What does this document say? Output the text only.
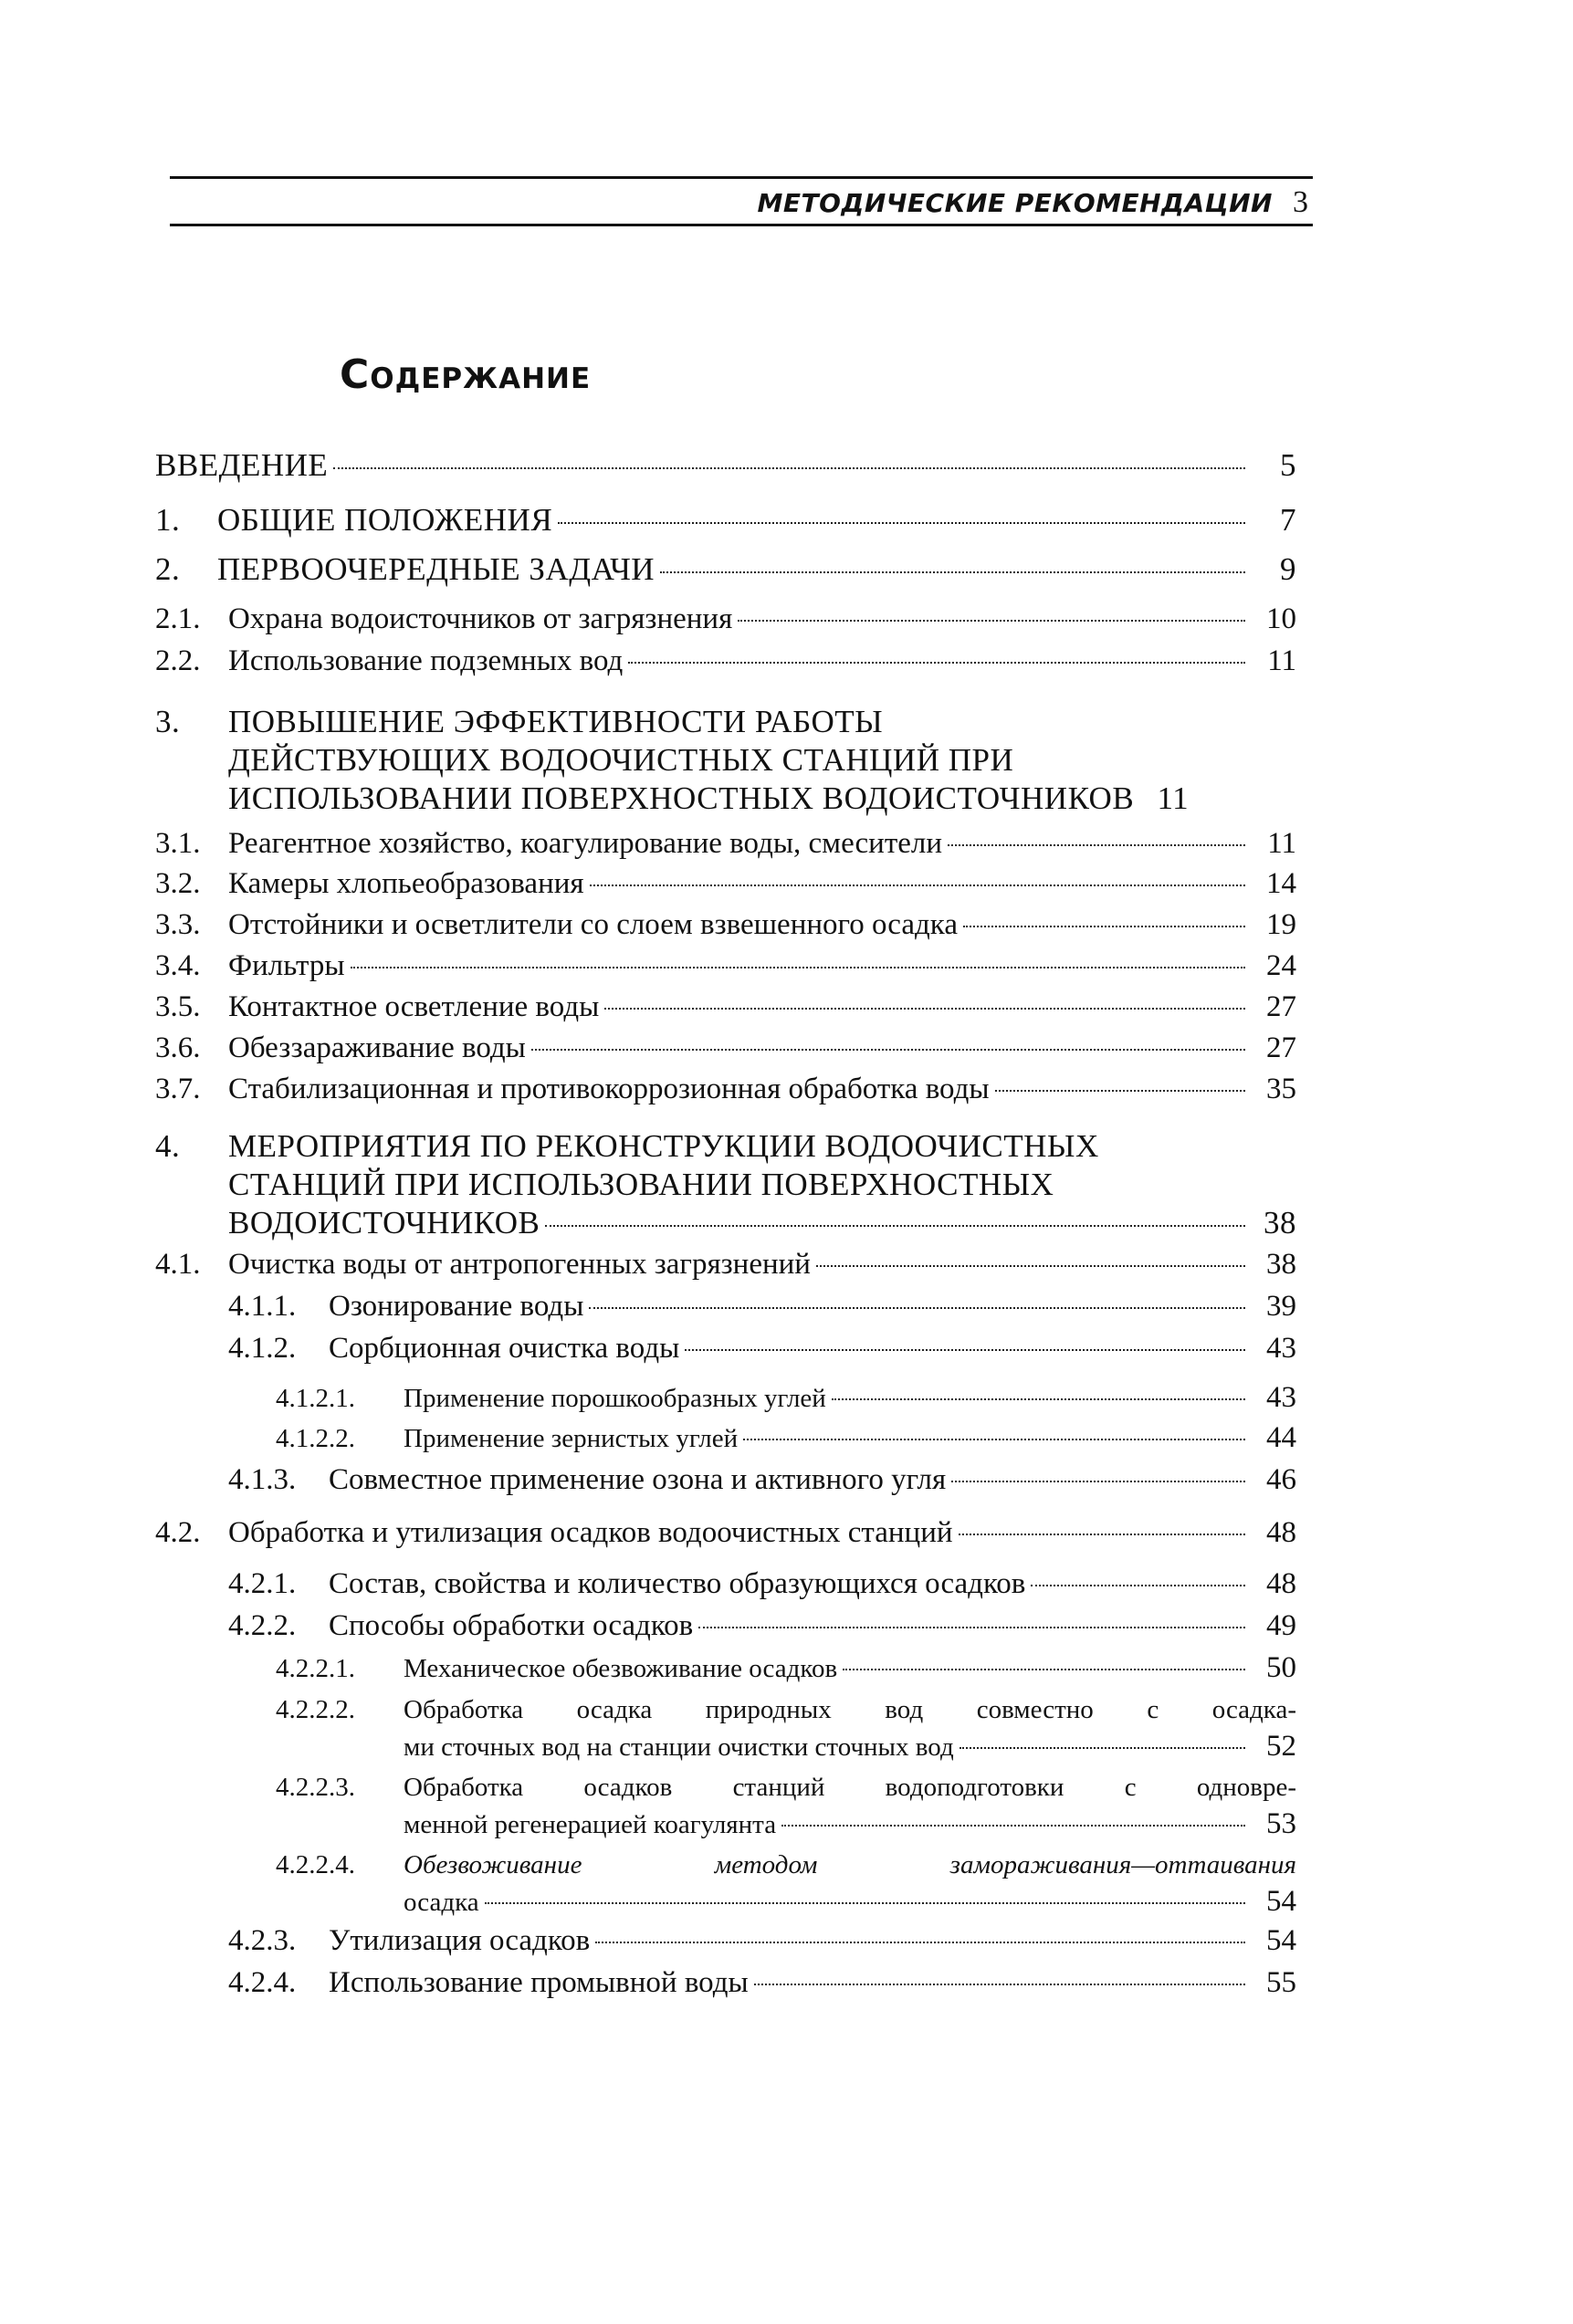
МЕТОДИЧЕСКИЕ РЕКОМЕНДАЦИИ 3
Содержание
ВВЕДЕНИЕ	5
1.	ОБЩИЕ ПОЛОЖЕНИЯ	7
2.	ПЕРВООЧЕРЕДНЫЕ ЗАДАЧИ	9
2.1. Охрана водоисточников от загрязнения	10
2.2. Использование подземных вод	11
3.	ПОВЫШЕНИЕ ЭФФЕКТИВНОСТИ РАБОТЫ
ДЕЙСТВУЮЩИХ ВОДООЧИСТНЫХ СТАНЦИЙ ПРИ
ИСПОЛЬЗОВАНИИ ПОВЕРХНОСТНЫХ ВОДОИСТОЧНИКОВ 11
3.1. Реагентное хозяйство, коагулирование воды, смесители	11
3.2. Камеры хлопьеобразования	14
3.3. Отстойники и осветлители со слоем взвешенного осадка	19
3.4. Фильтры	24
3.5. Контактное осветление воды	27
3.6. Обеззараживание воды	27
3.7. Стабилизационная и противокоррозионная обработка воды	35
4.	МЕРОПРИЯТИЯ ПО РЕКОНСТРУКЦИИ ВОДООЧИСТНЫХ
СТАНЦИЙ ПРИ ИСПОЛЬЗОВАНИИ ПОВЕРХНОСТНЫХ
ВОДОИСТОЧНИКОВ	38
4.1. Очистка воды от антропогенных загрязнений	38
4.1.1.	Озонирование воды	39
4.1.2.	Сорбционная очистка воды	43
4.1.2.1.	Применение порошкообразных углей	43
4.1.2.2.	Применение зернистых углей	44
4.1.3.	Совместное применение озона и активного угля	46
4.2. Обработка и утилизация осадков водоочистных станций	48
4.2.1.	Состав, свойства и количество образующихся осадков	48
4.2.2.	Способы обработки осадков	49
4.2.2.1.	Механическое обезвоживание осадков	50
4.2.2.2.	Обработка осадка природных вод совместно с осадка-
ми сточных вод на станции очистки сточных вод	52
4.2.2.3.	Обработка осадков станций водоподготовки с одновре-
менной регенерацией коагулянта	53
4.2.2.4.	Обезвоживание методом замораживания—оттаивания
осадка	54
4.2.3.	Утилизация осадков	54
4.2.4.	Использование промывной воды	55
